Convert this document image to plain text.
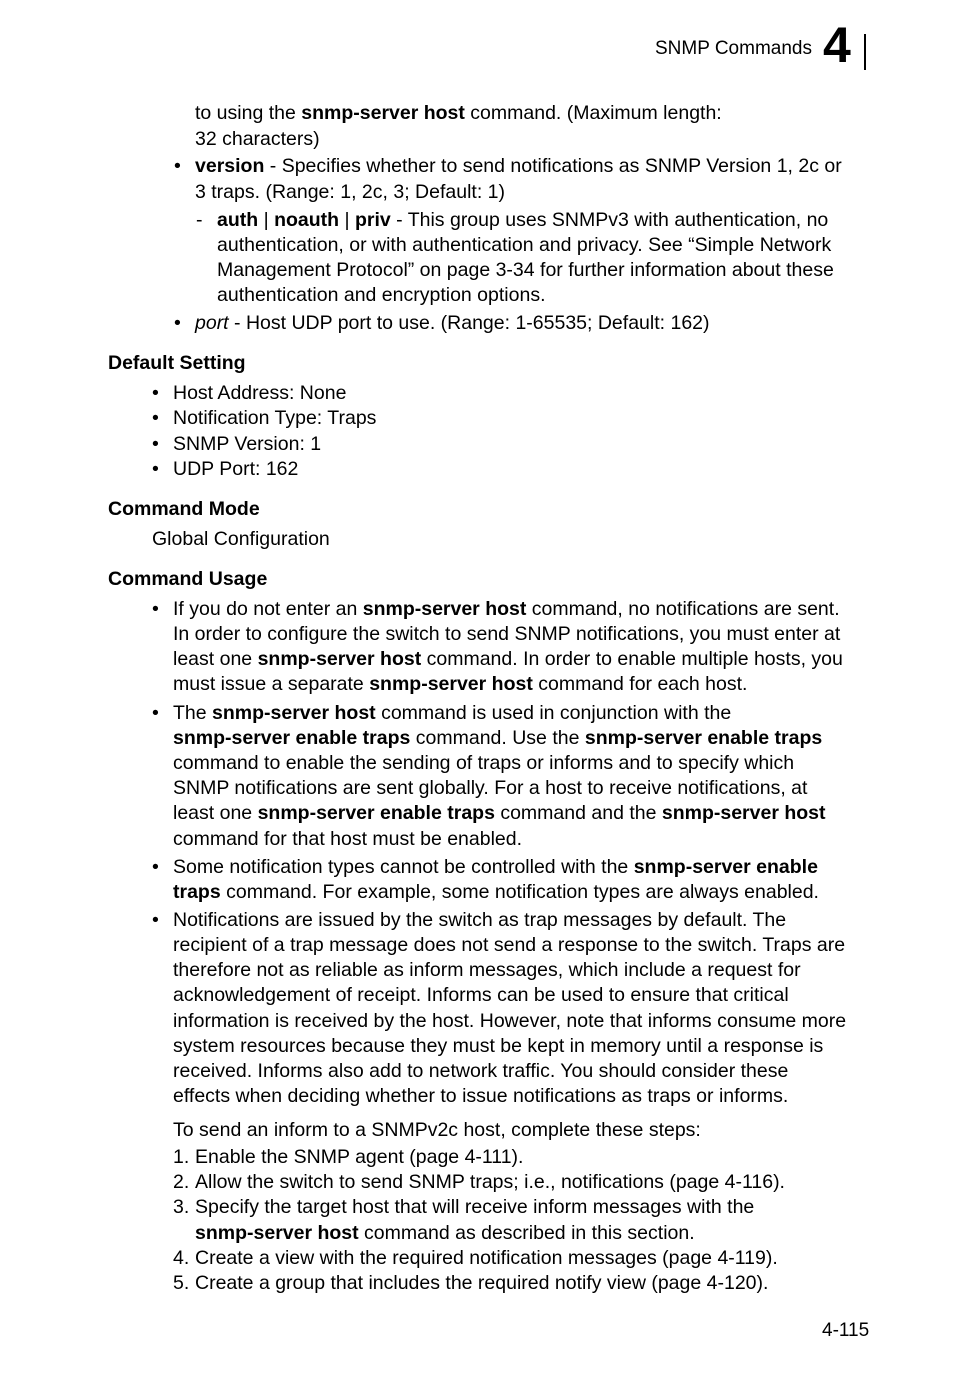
SNMP Commands 4
to using the snmp-server host command. (Maximum length:
32 characters)
• version - Specifies whether to send notifications as SNMP Version 1, 2c or
3 traps. (Range: 1, 2c, 3; Default: 1)
- auth | noauth | priv - This group uses SNMPv3 with authentication, no
authentication, or with authentication and privacy. See “Simple Network
Management Protocol” on page 3-34 for further information about these
authentication and encryption options.
• port - Host UDP port to use. (Range: 1-65535; Default: 162)
Default Setting
• Host Address: None
• Notification Type: Traps
• SNMP Version: 1
• UDP Port: 162
Command Mode
Global Configuration
Command Usage
• If you do not enter an snmp-server host command, no notifications are sent.
In order to configure the switch to send SNMP notifications, you must enter at
least one snmp-server host command. In order to enable multiple hosts, you
must issue a separate snmp-server host command for each host.
• The snmp-server host command is used in conjunction with the
snmp-server enable traps command. Use the snmp-server enable traps
command to enable the sending of traps or informs and to specify which
SNMP notifications are sent globally. For a host to receive notifications, at
least one snmp-server enable traps command and the snmp-server host
command for that host must be enabled.
• Some notification types cannot be controlled with the snmp-server enable
traps command. For example, some notification types are always enabled.
• Notifications are issued by the switch as trap messages by default. The
recipient of a trap message does not send a response to the switch. Traps are
therefore not as reliable as inform messages, which include a request for
acknowledgement of receipt. Informs can be used to ensure that critical
information is received by the host. However, note that informs consume more
system resources because they must be kept in memory until a response is
received. Informs also add to network traffic. You should consider these
effects when deciding whether to issue notifications as traps or informs.
To send an inform to a SNMPv2c host, complete these steps:
1. Enable the SNMP agent (page 4-111).
2. Allow the switch to send SNMP traps; i.e., notifications (page 4-116).
3. Specify the target host that will receive inform messages with the
snmp-server host command as described in this section.
4. Create a view with the required notification messages (page 4-119).
5. Create a group that includes the required notify view (page 4-120).
4-115
